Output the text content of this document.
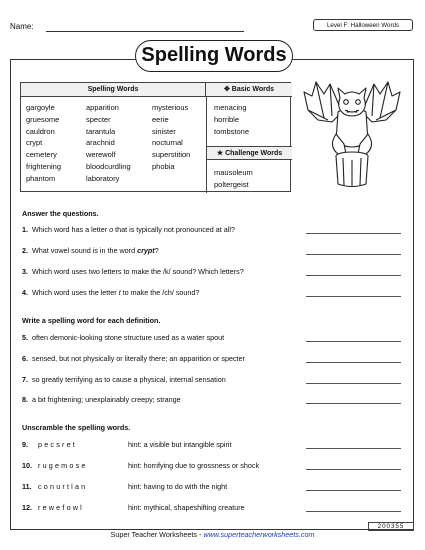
Name:	Level F: Halloween Words
Spelling Words
Spelling Words	✥ Basic Words
gargoyle
gruesome
cauldron
crypt
cemetery
frightening
phantom
apparition
specter
tarantula
arachnid
werewolf
bloodcurdling
laboratory
mysterious
eerie
sinister
nocturnal
superstition
phobia
menacing
horrible
tombstone
★ Challenge Words
mausoleum
poltergeist
Answer the questions.
1. Which word has a letter o that is typically not pronounced at all?
2. What vowel sound is in the word crypt?
3. Which word uses two letters to make the /k/ sound? Which letters?
4. Which word uses the letter t to make the /ch/ sound?
Write a spelling word for each definition.
5. often demonic-looking stone structure used as a water spout
6. sensed, but not physically or literally there; an apparition or specter
7. so greatly terrifying as to cause a physical, internal sensation
8. a bit frightening; unexplainably creepy; strange
Unscramble the spelling words.
9. pecsret	hint: a visible but intangible spirit
10. rugemose	hint: horrifying due to grossness or shock
11. conurtlan	hint: having to do with the night
12. rewefowl	hint: mythical, shapeshifting creature
200355
Super Teacher Worksheets - www.superteacherworksheets.com
